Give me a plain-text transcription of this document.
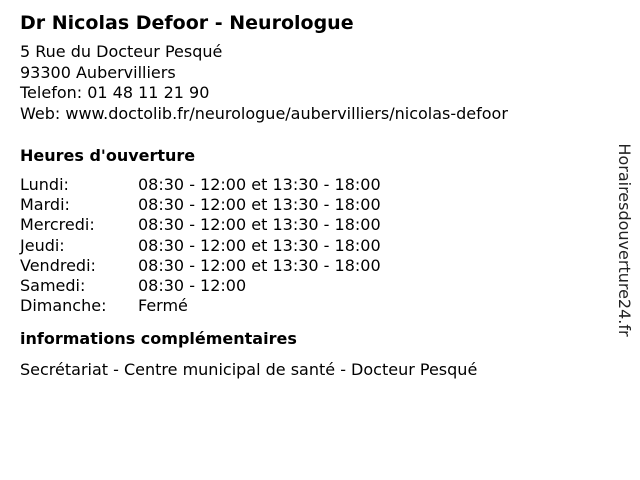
Dr Nicolas Defoor - Neurologue
5 Rue du Docteur Pesqué
93300 Aubervilliers
Telefon: 01 48 11 21 90
Web: www.doctolib.fr/neurologue/aubervilliers/nicolas-defoor
Heures d'ouverture
Lundi:	08:30 - 12:00 et 13:30 - 18:00
Mardi:	08:30 - 12:00 et 13:30 - 18:00
Mercredi:	08:30 - 12:00 et 13:30 - 18:00
Jeudi:	08:30 - 12:00 et 13:30 - 18:00
Vendredi:	08:30 - 12:00 et 13:30 - 18:00
Samedi:	08:30 - 12:00
Dimanche:	Fermé
informations complémentaires
Secrétariat - Centre municipal de santé - Docteur Pesqué
Horairesdouverture24.fr
